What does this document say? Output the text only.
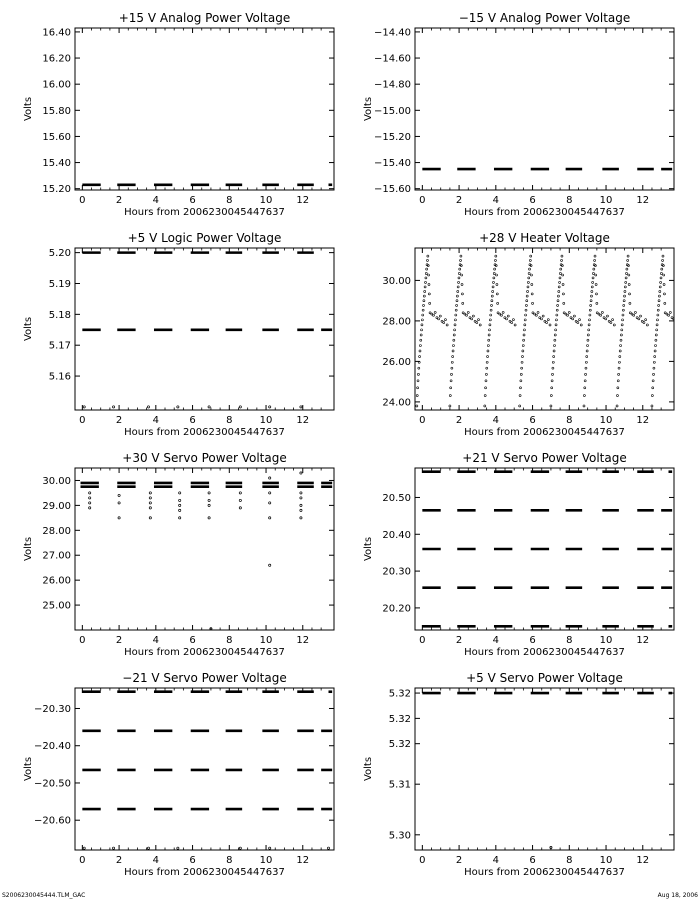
+15 V Analog Power Voltage
0	2	4	6	8	10 12
15.20
15.40
15.60
15.80
16.00
16.20
16.40
Hours from 2006230045447637
Volts
−15 V Analog Power Voltage
0	2	4	6	8	10 12
−14.40
−14.60
−14.80
−15.00
−15.20
−15.40
−15.60
Hours from 2006230045447637
Volts
+5 V Logic Power Voltage
0	2	4	6	8	10 12
5.16
5.17
5.18
5.19
5.20
Hours from 2006230045447637
Volts
+28 V Heater Voltage
0	2	4	6	8	10 12
24.00
26.00
28.00
30.00
Hours from 2006230045447637
+30 V Servo Power Voltage
0	2	4	6	8	10 12
25.00
26.00
27.00
28.00
29.00
30.00
Hours from 2006230045447637
Volts
+21 V Servo Power Voltage
0	2	4	6	8	10 12
20.20
20.30
20.40
20.50
Hours from 2006230045447637
Volts
−21 V Servo Power Voltage
0	2	4	6	8	10 12
−20.30
−20.40
−20.50
−20.60
Hours from 2006230045447637
Volts
+5 V Servo Power Voltage
0	2	4	6	8	10 12
5.30
5.31
5.32
5.32
5.32
Hours from 2006230045447637
Volts
S2006230045444.TLM_GAC	Aug 18, 2006
